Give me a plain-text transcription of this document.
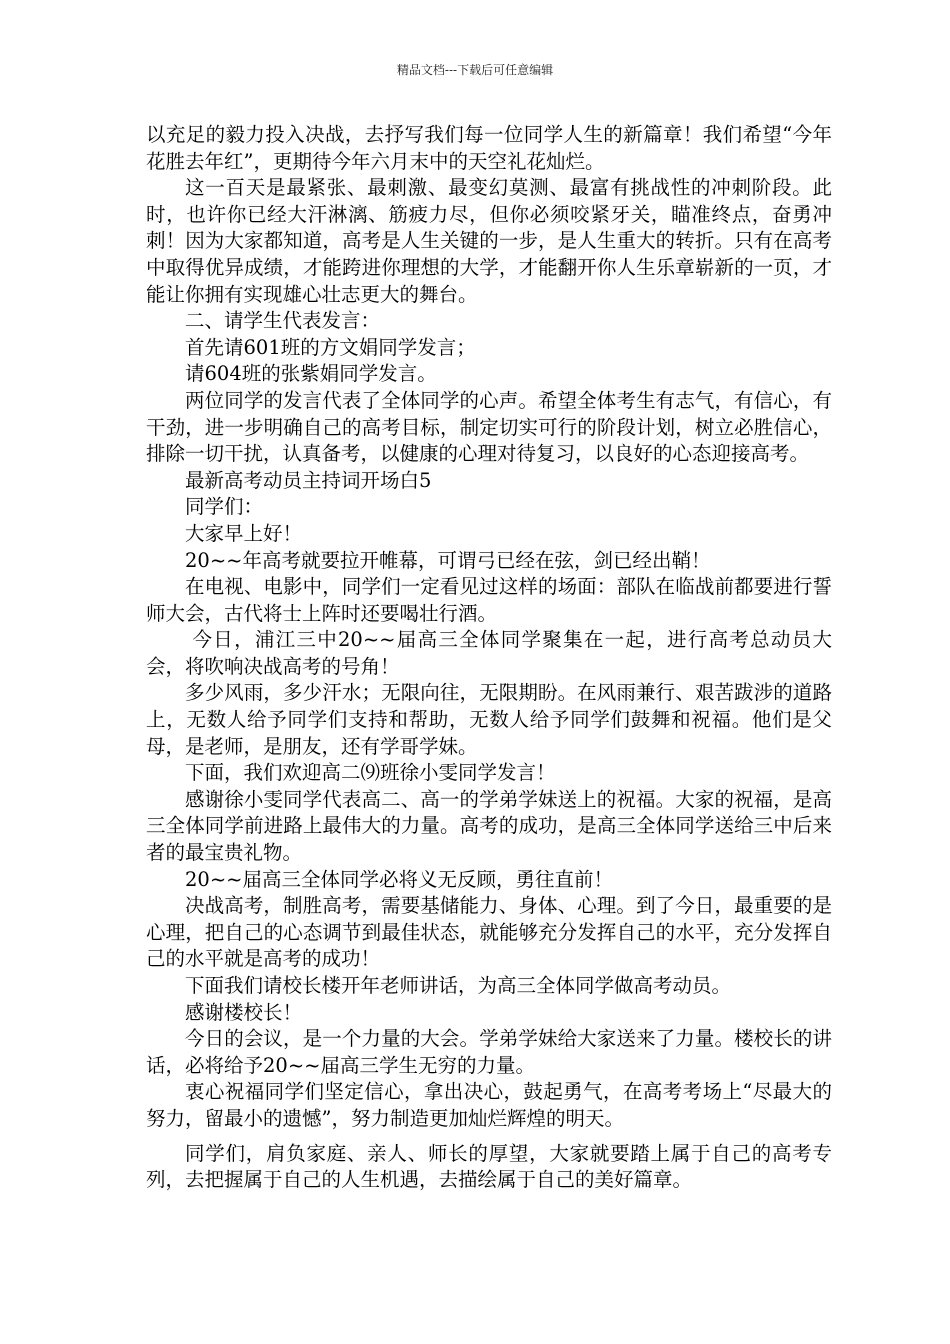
精品文档---下载后可任意编辑

以充足的毅力投入决战，去抒写我们每一位同学人生的新篇章！我们希望“今年花胜去年红”，更期待今年六月末中的天空礼花灿烂。

这一百天是最紧张、最刺激、最变幻莫测、最富有挑战性的冲刺阶段。此时，也许你已经大汗淋漓、筋疲力尽，但你必须咬紧牙关，瞄准终点，奋勇冲刺！因为大家都知道，高考是人生关键的一步，是人生重大的转折。只有在高考中取得优异成绩，才能跨进你理想的大学，才能翻开你人生乐章崭新的一页，才能让你拥有实现雄心壮志更大的舞台。

二、请学生代表发言：

首先请601班的方文娟同学发言；

请604班的张紫娟同学发言。

两位同学的发言代表了全体同学的心声。希望全体考生有志气，有信心，有干劲，进一步明确自己的高考目标，制定切实可行的阶段计划，树立必胜信心，排除一切干扰，认真备考，以健康的心理对待复习，以良好的心态迎接高考。

最新高考动员主持词开场白5

同学们：

大家早上好！

20~~年高考就要拉开帷幕，可谓弓已经在弦，剑已经出鞘！

在电视、电影中，同学们一定看见过这样的场面：部队在临战前都要进行誓师大会，古代将士上阵时还要喝壮行酒。

今日，浦江三中20~~届高三全体同学聚集在一起，进行高考总动员大会，将吹响决战高考的号角！

多少风雨，多少汗水；无限向往，无限期盼。在风雨兼行、艰苦跋涉的道路上，无数人给予同学们支持和帮助，无数人给予同学们鼓舞和祝福。他们是父母，是老师，是朋友，还有学哥学妹。

下面，我们欢迎高二⑼班徐小雯同学发言！

感谢徐小雯同学代表高二、高一的学弟学妹送上的祝福。大家的祝福，是高三全体同学前进路上最伟大的力量。高考的成功，是高三全体同学送给三中后来者的最宝贵礼物。

20~~届高三全体同学必将义无反顾，勇往直前！

决战高考，制胜高考，需要基储能力、身体、心理。到了今日，最重要的是心理，把自己的心态调节到最佳状态，就能够充分发挥自己的水平，充分发挥自己的水平就是高考的成功！

下面我们请校长楼开年老师讲话，为高三全体同学做高考动员。

感谢楼校长！

今日的会议，是一个力量的大会。学弟学妹给大家送来了力量。楼校长的讲话，必将给予20~~届高三学生无穷的力量。

衷心祝福同学们坚定信心，拿出决心，鼓起勇气，在高考考场上“尽最大的努力，留最小的遗憾”，努力制造更加灿烂辉煌的明天。

同学们，肩负家庭、亲人、师长的厚望，大家就要踏上属于自己的高考专列，去把握属于自己的人生机遇，去描绘属于自己的美好篇章。
